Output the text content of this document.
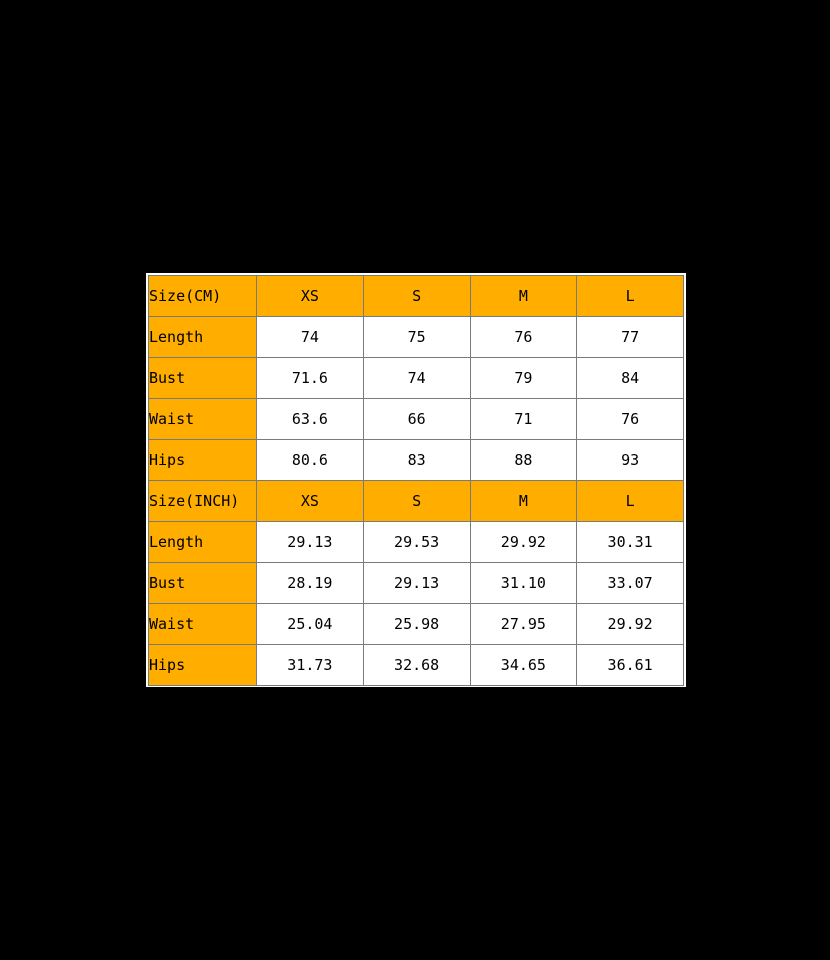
Size(CM)	XS	S	M	L
Length	74	75	76	77
Bust	71.6	74	79	84
Waist	63.6	66	71	76
Hips	80.6	83	88	93
Size(INCH)	XS	S	M	L
Length	29.13	29.53	29.92	30.31
Bust	28.19	29.13	31.10	33.07
Waist	25.04	25.98	27.95	29.92
Hips	31.73	32.68	34.65	36.61
